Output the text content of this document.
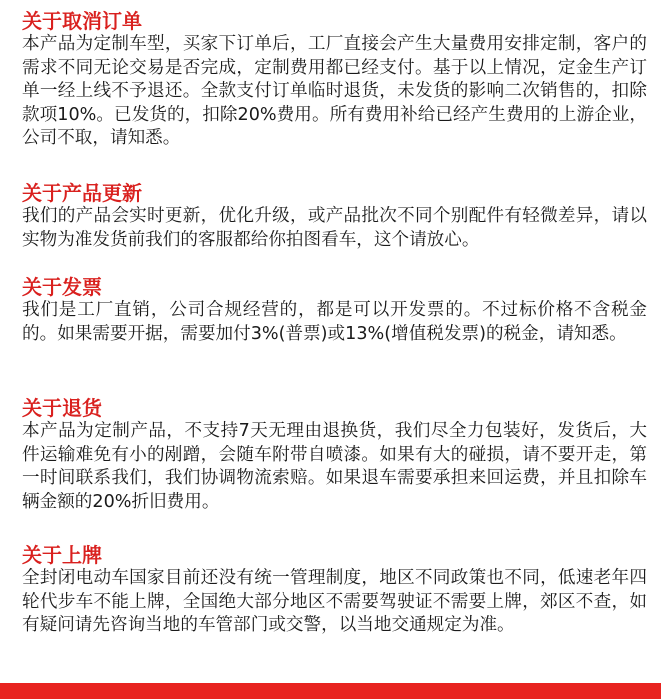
关于取消订单

本产品为定制车型，买家下订单后，工厂直接会产生大量费用安排定制，客户的需求不同无论交易是否完成，定制费用都已经支付。基于以上情况，定金生产订单一经上线不予退还。全款支付订单临时退货，未发货的影响二次销售的，扣除款项10%。已发货的，扣除20%费用。所有费用补给已经产生费用的上游企业，公司不取，请知悉。

关于产品更新

我们的产品会实时更新，优化升级，或产品批次不同个别配件有轻微差异，请以实物为准发货前我们的客服都给你拍图看车，这个请放心。

关于发票

我们是工厂直销，公司合规经营的，都是可以开发票的。不过标价格不含税金的。如果需要开据，需要加付3%(普票)或13%(增值税发票)的税金，请知悉。

关于退货

本产品为定制产品，不支持7天无理由退换货，我们尽全力包装好，发货后，大件运输难免有小的剐蹭，会随车附带自喷漆。如果有大的碰损，请不要开走，第一时间联系我们，我们协调物流索赔。如果退车需要承担来回运费，并且扣除车辆金额的20%折旧费用。

关于上牌

全封闭电动车国家目前还没有统一管理制度，地区不同政策也不同，低速老年四轮代步车不能上牌，全国绝大部分地区不需要驾驶证不需要上牌，郊区不查，如有疑问请先咨询当地的车管部门或交警，以当地交通规定为准。
